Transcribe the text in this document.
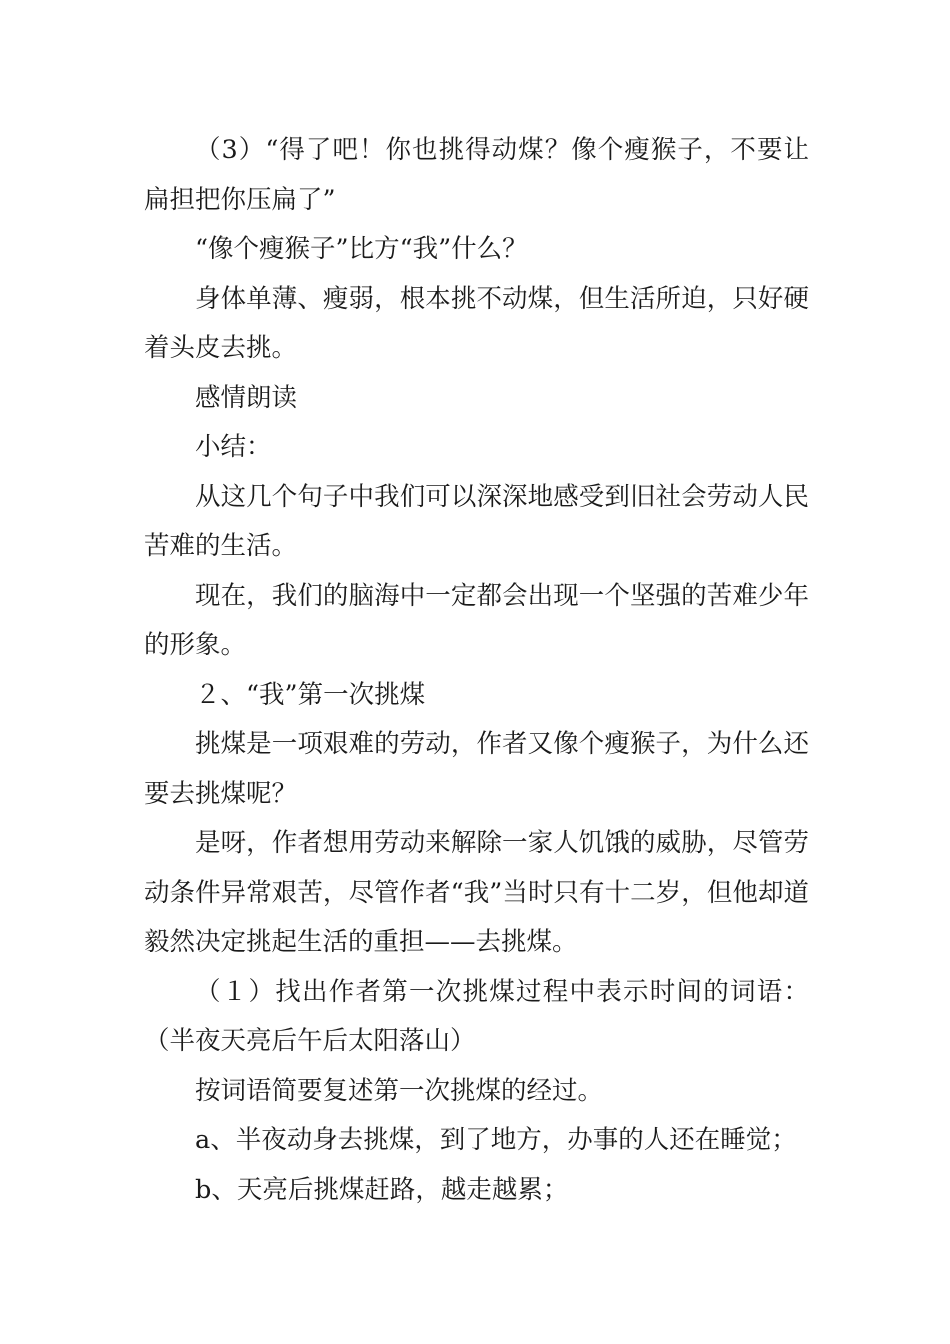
（3）“得了吧！你也挑得动煤？像个瘦猴子，不要让扁担把你压扁了”

“像个瘦猴子”比方“我”什么？

身体单薄、瘦弱，根本挑不动煤，但生活所迫，只好硬着头皮去挑。

感情朗读

小结：

从这几个句子中我们可以深深地感受到旧社会劳动人民苦难的生活。

现在，我们的脑海中一定都会出现一个坚强的苦难少年的形象。

２、“我”第一次挑煤

挑煤是一项艰难的劳动，作者又像个瘦猴子，为什么还要去挑煤呢？

是呀，作者想用劳动来解除一家人饥饿的威胁，尽管劳动条件异常艰苦，尽管作者“我”当时只有十二岁，但他却道毅然决定挑起生活的重担——去挑煤。

（１）找出作者第一次挑煤过程中表示时间的词语：（半夜天亮后午后太阳落山）

按词语简要复述第一次挑煤的经过。

a、半夜动身去挑煤，到了地方，办事的人还在睡觉；

b、天亮后挑煤赶路，越走越累；
